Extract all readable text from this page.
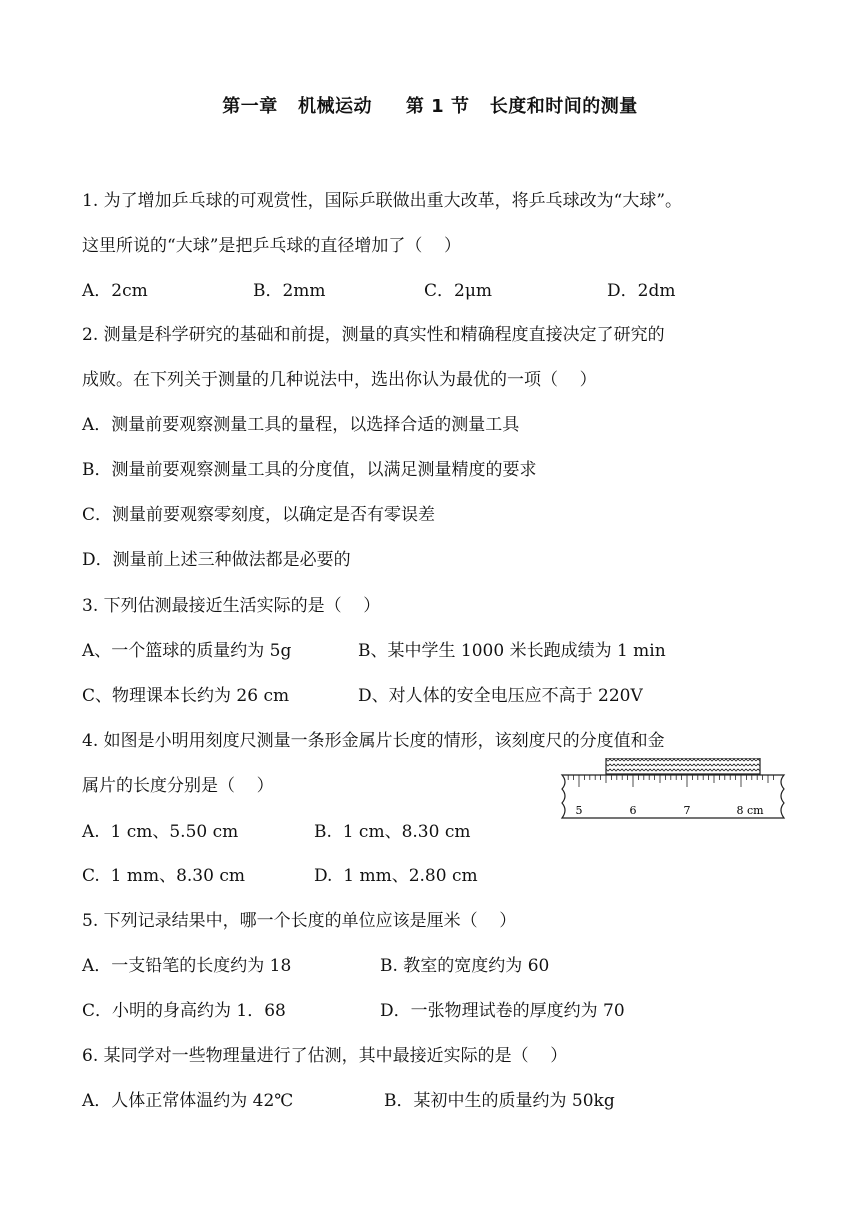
第一章   机械运动     第 1 节   长度和时间的测量
1. 为了增加乒乓球的可观赏性，国际乒联做出重大改革，将乒乓球改为“大球”。
这里所说的“大球”是把乒乓球的直径增加了（    ）
A．2cm	B．2mm	C．2μm	D．2dm
2. 测量是科学研究的基础和前提，测量的真实性和精确程度直接决定了研究的
成败。在下列关于测量的几种说法中，选出你认为最优的一项（    ）
A．测量前要观察测量工具的量程，以选择合适的测量工具
B．测量前要观察测量工具的分度值，以满足测量精度的要求
C．测量前要观察零刻度，以确定是否有零误差
D．测量前上述三种做法都是必要的
3. 下列估测最接近生活实际的是（    ）
A、一个篮球的质量约为 5g	B、某中学生 1000 米长跑成绩为 1 min
C、物理课本长约为 26 cm	D、对人体的安全电压应不高于 220V
4. 如图是小明用刻度尺测量一条形金属片长度的情形，该刻度尺的分度值和金
属片的长度分别是（    ）
A.  1 cm、5.50 cm	B.  1 cm、8.30 cm
C.  1 mm、8.30 cm	D.  1 mm、2.80 cm
5	6	7	8 cm
5. 下列记录结果中，哪一个长度的单位应该是厘米（    ）
A．一支铅笔的长度约为 18	B. 教室的宽度约为 60
C．小明的身高约为 1．68	D．一张物理试卷的厚度约为 70
6. 某同学对一些物理量进行了估测，其中最接近实际的是（    ）
A．人体正常体温约为 42℃	B．某初中生的质量约为 50kg
